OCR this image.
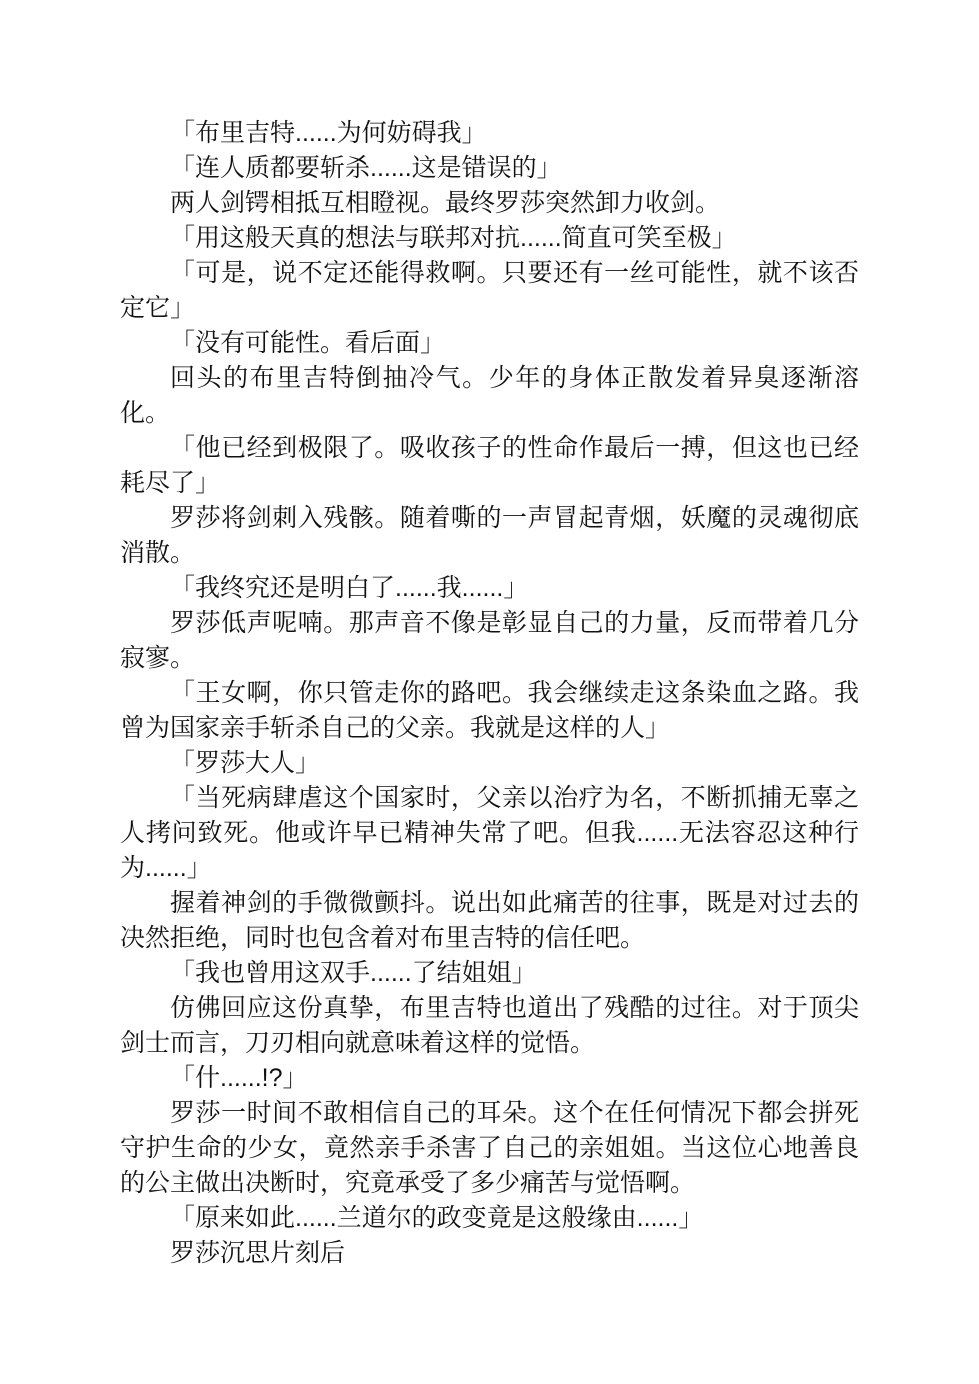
「布里吉特......为何妨碍我」

「连人质都要斩杀......这是错误的」

两人剑锷相抵互相瞪视。最终罗莎突然卸力收剑。

「用这般天真的想法与联邦对抗......简直可笑至极」

「可是，说不定还能得救啊。只要还有一丝可能性，就不该否定它」

「没有可能性。看后面」

回头的布里吉特倒抽冷气。少年的身体正散发着异臭逐渐溶化。

「他已经到极限了。吸收孩子的性命作最后一搏，但这也已经耗尽了」

罗莎将剑刺入残骸。随着嘶的一声冒起青烟，妖魔的灵魂彻底消散。

「我终究还是明白了......我......」

罗莎低声呢喃。那声音不像是彰显自己的力量，反而带着几分寂寥。

「王女啊，你只管走你的路吧。我会继续走这条染血之路。我曾为国家亲手斩杀自己的父亲。我就是这样的人」

「罗莎大人」

「当死病肆虐这个国家时，父亲以治疗为名，不断抓捕无辜之人拷问致死。他或许早已精神失常了吧。但我......无法容忍这种行为......」

握着神剑的手微微颤抖。说出如此痛苦的往事，既是对过去的决然拒绝，同时也包含着对布里吉特的信任吧。

「我也曾用这双手......了结姐姐」

仿佛回应这份真挚，布里吉特也道出了残酷的过往。对于顶尖剑士而言，刀刃相向就意味着这样的觉悟。

「什......!?」

罗莎一时间不敢相信自己的耳朵。这个在任何情况下都会拼死守护生命的少女，竟然亲手杀害了自己的亲姐姐。当这位心地善良的公主做出决断时，究竟承受了多少痛苦与觉悟啊。

「原来如此......兰道尔的政变竟是这般缘由......」

罗莎沉思片刻后
